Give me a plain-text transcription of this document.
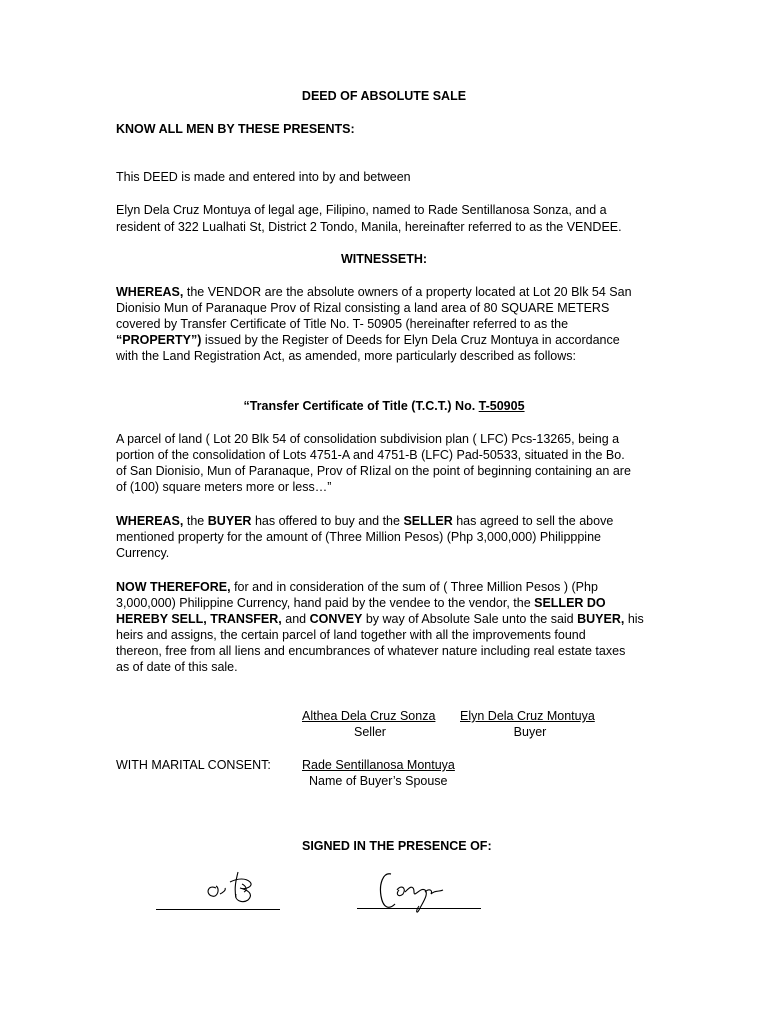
DEED OF ABSOLUTE SALE
KNOW ALL MEN BY THESE PRESENTS:
This DEED is made and entered into by and between
Elyn Dela Cruz Montuya of legal age, Filipino, named to Rade Sentillanosa Sonza, and a
resident of 322 Lualhati St, District 2 Tondo, Manila, hereinafter referred to as the VENDEE.
WITNESSETH:
WHEREAS, the VENDOR are the absolute owners of a property located at Lot 20 Blk 54 San
Dionisio Mun of Paranaque Prov of Rizal consisting a land area of 80 SQUARE METERS
covered by Transfer Certificate of Title No. T- 50905 (hereinafter referred to as the
“PROPERTY”) issued by the Register of Deeds for Elyn Dela Cruz Montuya in accordance
with the Land Registration Act, as amended, more particularly described as follows:
“Transfer Certificate of Title (T.C.T.) No. T-50905
A parcel of land ( Lot 20 Blk 54 of consolidation subdivision plan ( LFC) Pcs-13265, being a
portion of the consolidation of Lots 4751-A and 4751-B (LFC) Pad-50533, situated in the Bo.
of San Dionisio, Mun of Paranaque, Prov of RIizal on the point of beginning containing an are
of (100) square meters more or less…”
WHEREAS, the BUYER has offered to buy and the SELLER has agreed to sell the above
mentioned property for the amount of (Three Million Pesos) (Php 3,000,000) Philipppine
Currency.
NOW THEREFORE, for and in consideration of the sum of ( Three Million Pesos ) (Php
3,000,000) Philippine Currency, hand paid by the vendee to the vendor, the SELLER DO
HEREBY SELL, TRANSFER, and CONVEY by way of Absolute Sale unto the said BUYER, his
heirs and assigns, the certain parcel of land together with all the improvements found
thereon, free from all liens and encumbrances of whatever nature including real estate taxes
as of date of this sale.
Althea Dela Cruz Sonza
Seller
Elyn Dela Cruz Montuya
Buyer
WITH MARITAL CONSENT: Rade Sentillanosa Montuya
Name of Buyer’s Spouse
SIGNED IN THE PRESENCE OF:
